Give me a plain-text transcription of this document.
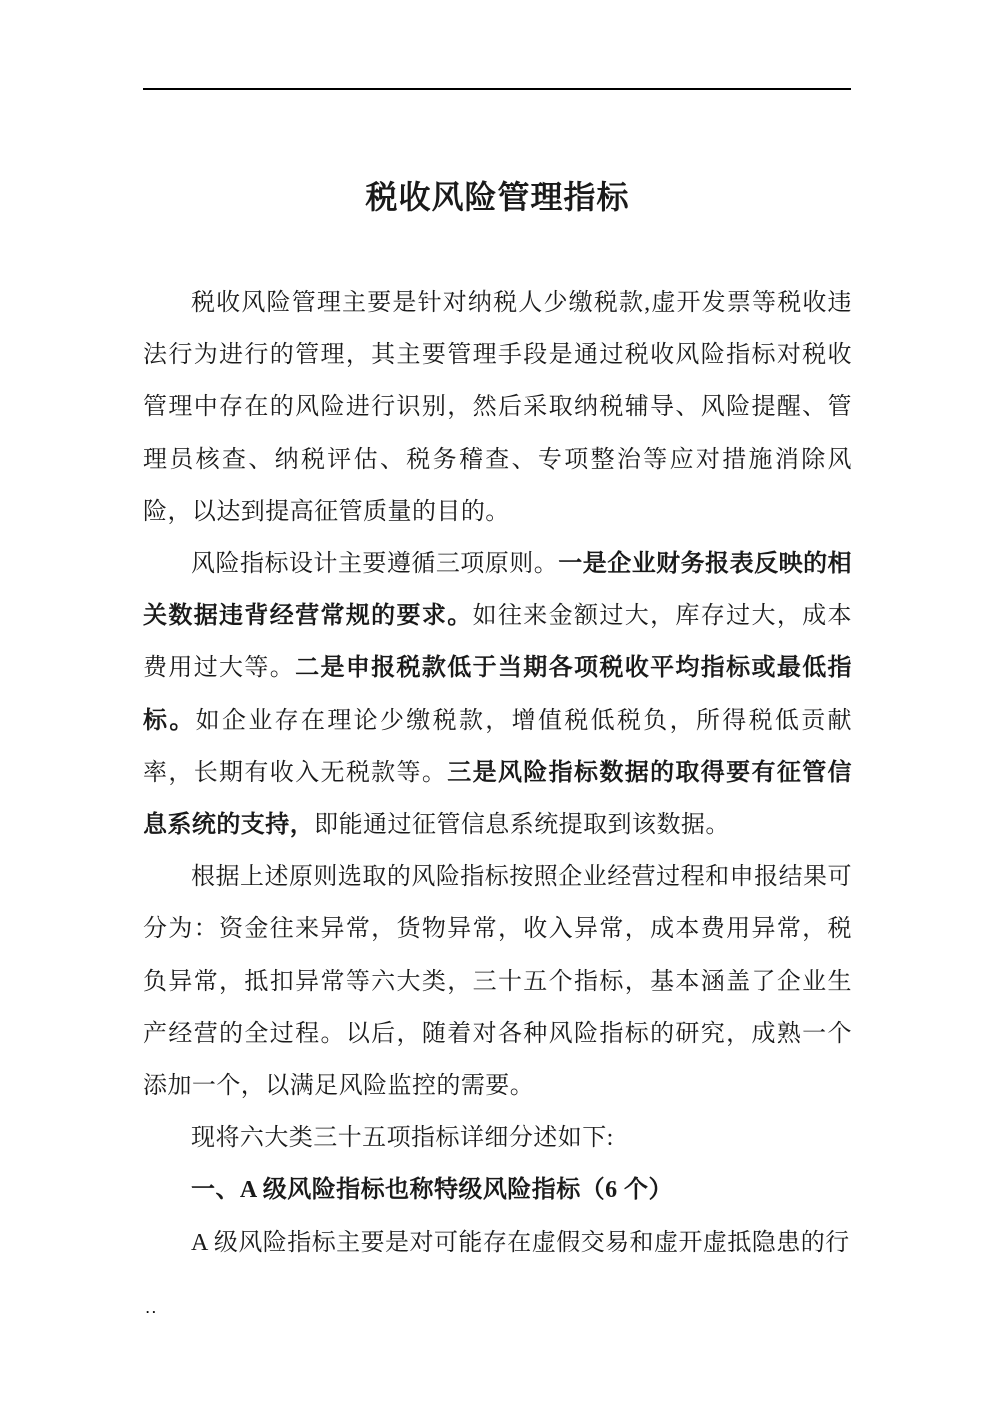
税收风险管理指标

税收风险管理主要是针对纳税人少缴税款,虚开发票等税收违法行为进行的管理，其主要管理手段是通过税收风险指标对税收管理中存在的风险进行识别，然后采取纳税辅导、风险提醒、管理员核查、纳税评估、税务稽查、专项整治等应对措施消除风险，以达到提高征管质量的目的。

风险指标设计主要遵循三项原则。一是企业财务报表反映的相关数据违背经营常规的要求。如往来金额过大，库存过大，成本费用过大等。二是申报税款低于当期各项税收平均指标或最低指标。如企业存在理论少缴税款，增值税低税负，所得税低贡献率，长期有收入无税款等。三是风险指标数据的取得要有征管信息系统的支持，即能通过征管信息系统提取到该数据。

根据上述原则选取的风险指标按照企业经营过程和申报结果可分为：资金往来异常，货物异常，收入异常，成本费用异常，税负异常，抵扣异常等六大类，三十五个指标，基本涵盖了企业生产经营的全过程。以后，随着对各种风险指标的研究，成熟一个添加一个，以满足风险监控的需要。

现将六大类三十五项指标详细分述如下:

一、A 级风险指标也称特级风险指标（6 个）

A 级风险指标主要是对可能存在虚假交易和虚开虚抵隐患的行

..
